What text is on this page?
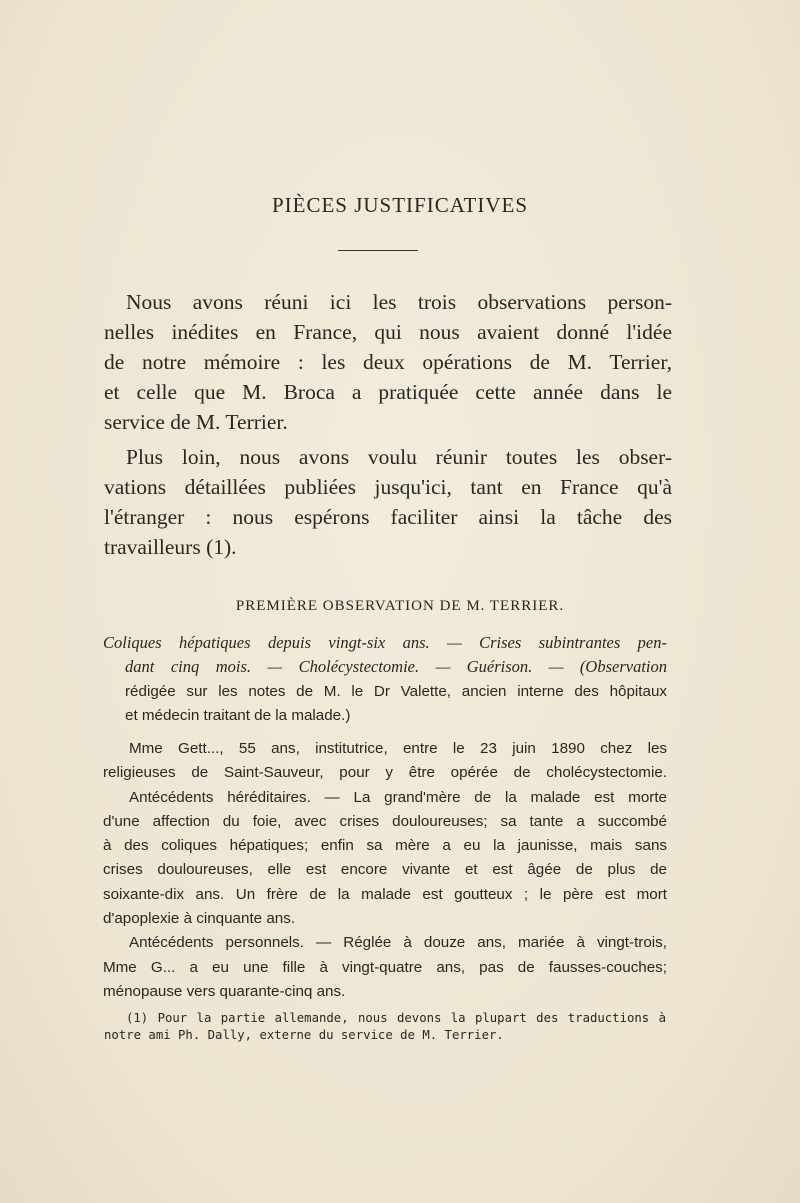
PIÈCES JUSTIFICATIVES
Nous avons réuni ici les trois observations person-
nelles inédites en France, qui nous avaient donné l'idée
de notre mémoire : les deux opérations de M. Terrier,
et celle que M. Broca a pratiquée cette année dans le
service de M. Terrier.
Plus loin, nous avons voulu réunir toutes les obser-
vations détaillées publiées jusqu'ici, tant en France qu'à
l'étranger : nous espérons faciliter ainsi la tâche des
travailleurs (1).
PREMIÈRE OBSERVATION DE M. TERRIER.
Coliques hépatiques depuis vingt-six ans. — Crises subintrantes pen-
dant cinq mois. — Cholécystectomie. — Guérison. — (Observation
rédigée sur les notes de M. le Dr Valette, ancien interne des hôpitaux
et médecin traitant de la malade.)
Mme Gett..., 55 ans, institutrice, entre le 23 juin 1890 chez les
religieuses de Saint-Sauveur, pour y être opérée de cholécystectomie.
Antécédents héréditaires. — La grand'mère de la malade est morte
d'une affection du foie, avec crises douloureuses; sa tante a succombé
à des coliques hépatiques; enfin sa mère a eu la jaunisse, mais sans
crises douloureuses, elle est encore vivante et est âgée de plus de
soixante-dix ans. Un frère de la malade est goutteux ; le père est mort
d'apoplexie à cinquante ans.
Antécédents personnels. — Réglée à douze ans, mariée à vingt-trois,
Mme G... a eu une fille à vingt-quatre ans, pas de fausses-couches;
ménopause vers quarante-cinq ans.
(1) Pour la partie allemande, nous devons la plupart des traductions à
notre ami Ph. Dally, externe du service de M. Terrier.
